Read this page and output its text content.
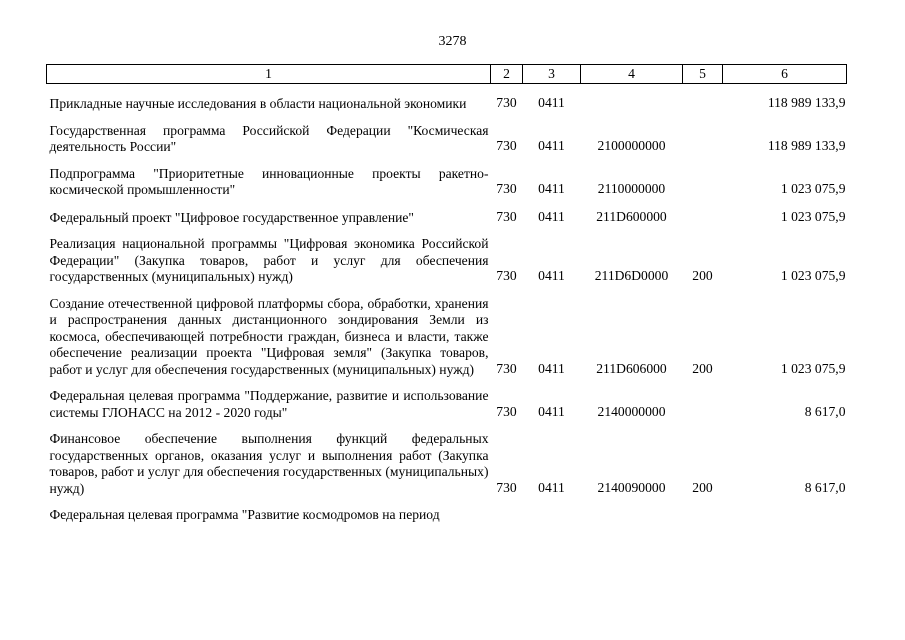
3278
1	2	3	4	5	6
Прикладные научные исследования в области национальной экономики	730	0411			118 989 133,9
Государственная программа Российской Федерации "Космическая деятельность России"	730	0411	2100000000		118 989 133,9
Подпрограмма "Приоритетные инновационные проекты ракетно-космической промышленности"	730	0411	2110000000		1 023 075,9
Федеральный проект "Цифровое государственное управление"	730	0411	211D600000		1 023 075,9
Реализация национальной программы "Цифровая экономика Российской Федерации" (Закупка товаров, работ и услуг для обеспечения государственных (муниципальных) нужд)	730	0411	211D6D0000	200	1 023 075,9
Создание отечественной цифровой платформы сбора, обработки, хранения и распространения данных дистанционного зондирования Земли из космоса, обеспечивающей потребности граждан, бизнеса и власти, также обеспечение реализации проекта "Цифровая земля" (Закупка товаров, работ и услуг для обеспечения государственных (муниципальных) нужд)	730	0411	211D606000	200	1 023 075,9
Федеральная целевая программа "Поддержание, развитие и использование системы ГЛОНАСС на 2012 - 2020 годы"	730	0411	2140000000		8 617,0
Финансовое обеспечение выполнения функций федеральных государственных органов, оказания услуг и выполнения работ (Закупка товаров, работ и услуг для обеспечения государственных (муниципальных) нужд)	730	0411	2140090000	200	8 617,0
Федеральная целевая программа "Развитие космодромов на период					
